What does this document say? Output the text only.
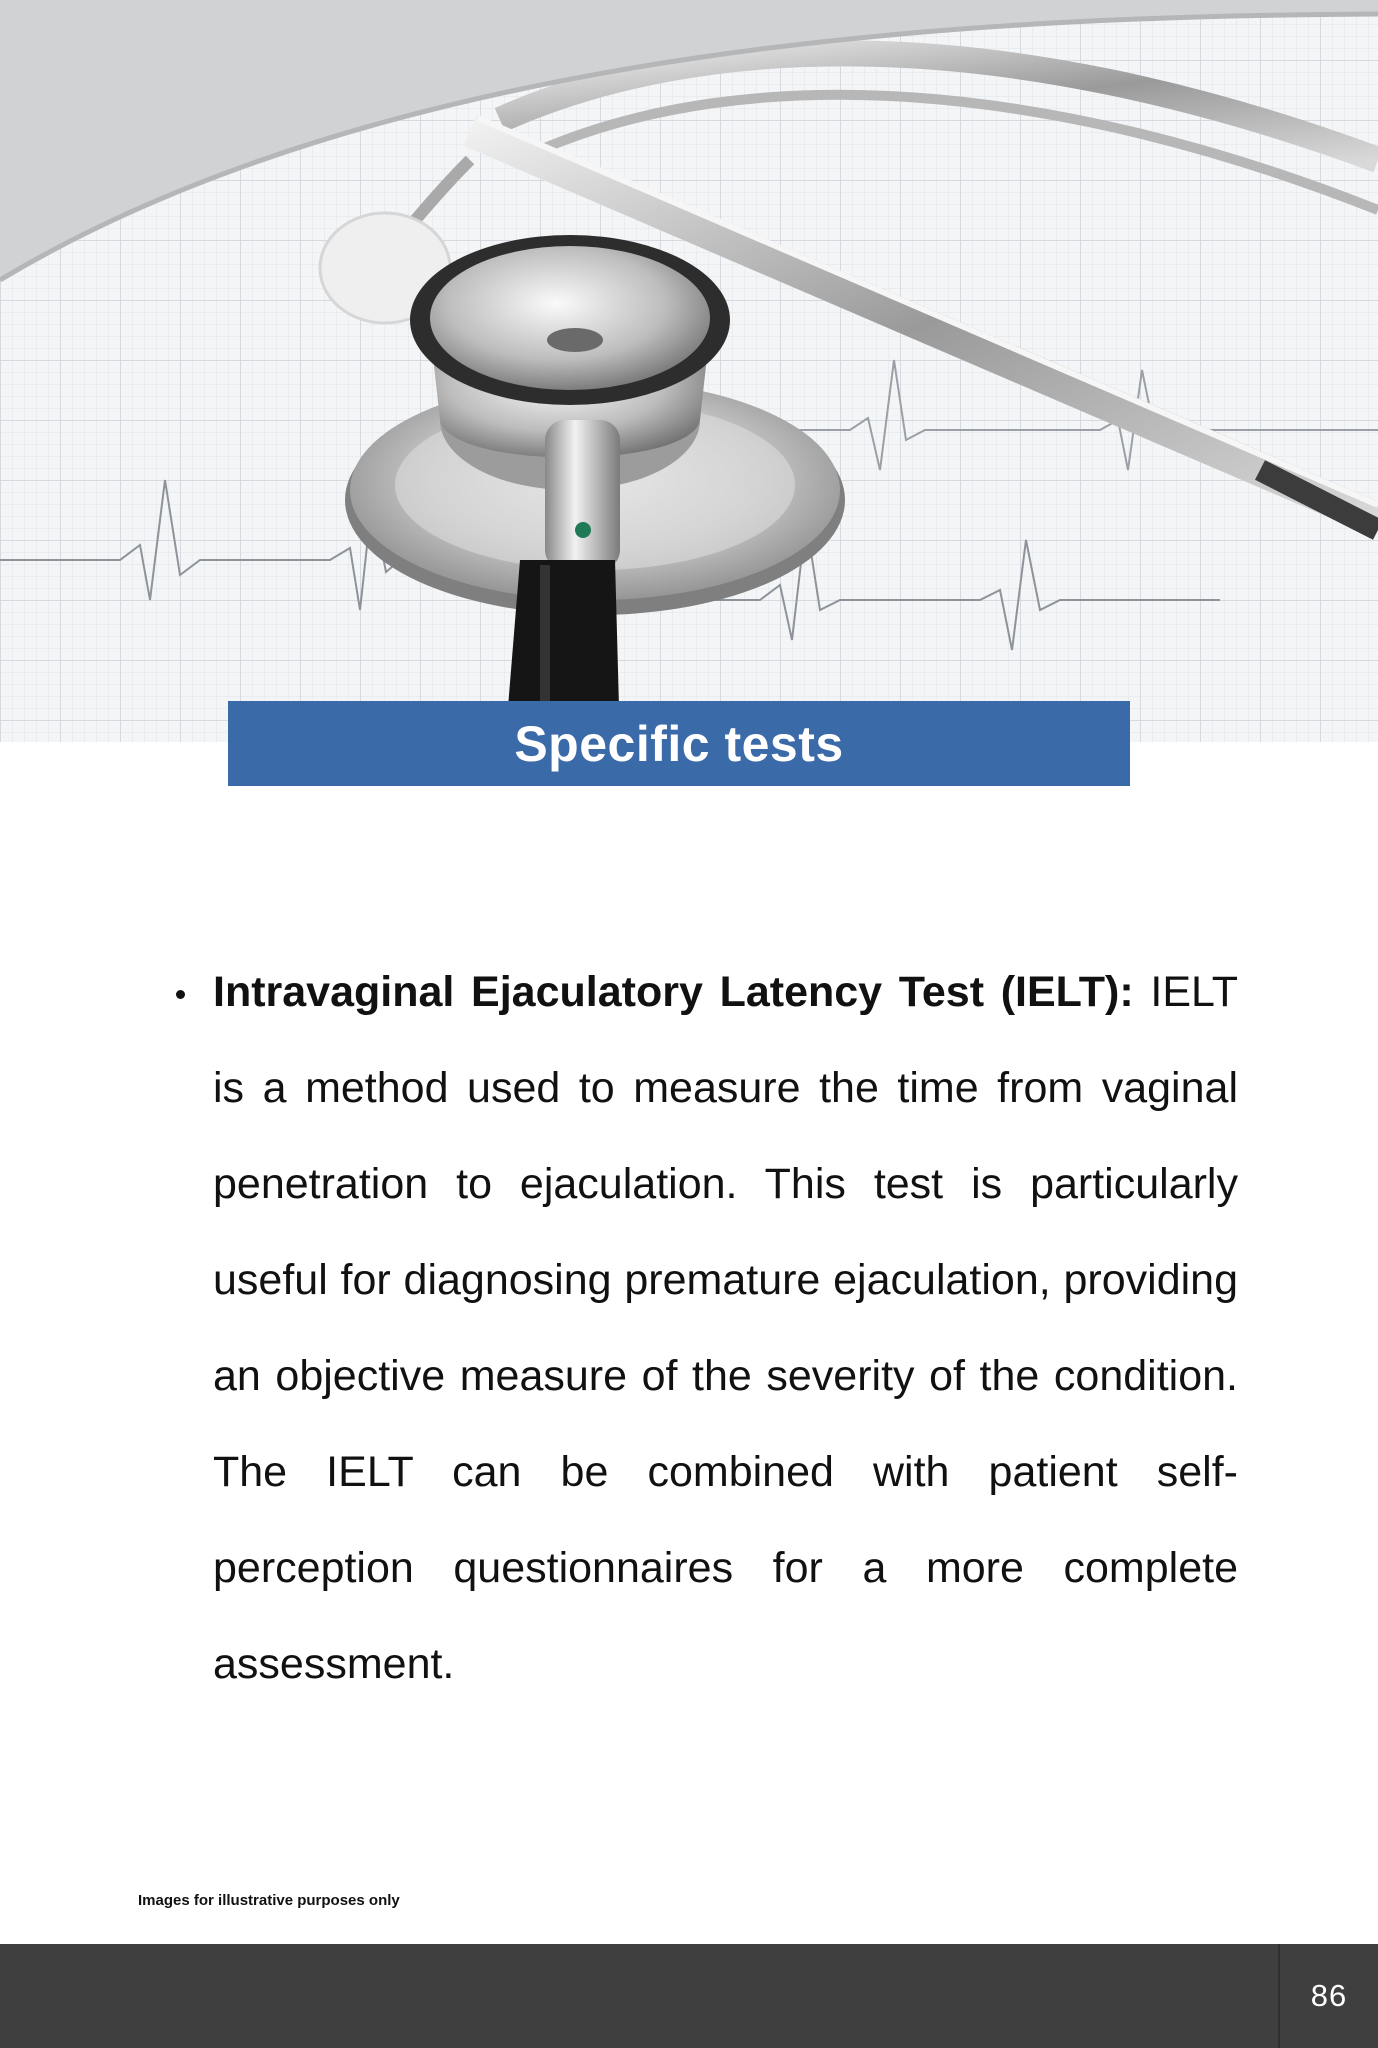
Specific tests
Intravaginal Ejaculatory Latency Test (IELT): IELT is a method used to measure the time from vaginal penetration to ejaculation. This test is particularly useful for diagnosing premature ejaculation, providing an objective measure of the severity of the condition. The IELT can be combined with patient self-perception questionnaires for a more complete assessment.
Images for illustrative purposes only
86
